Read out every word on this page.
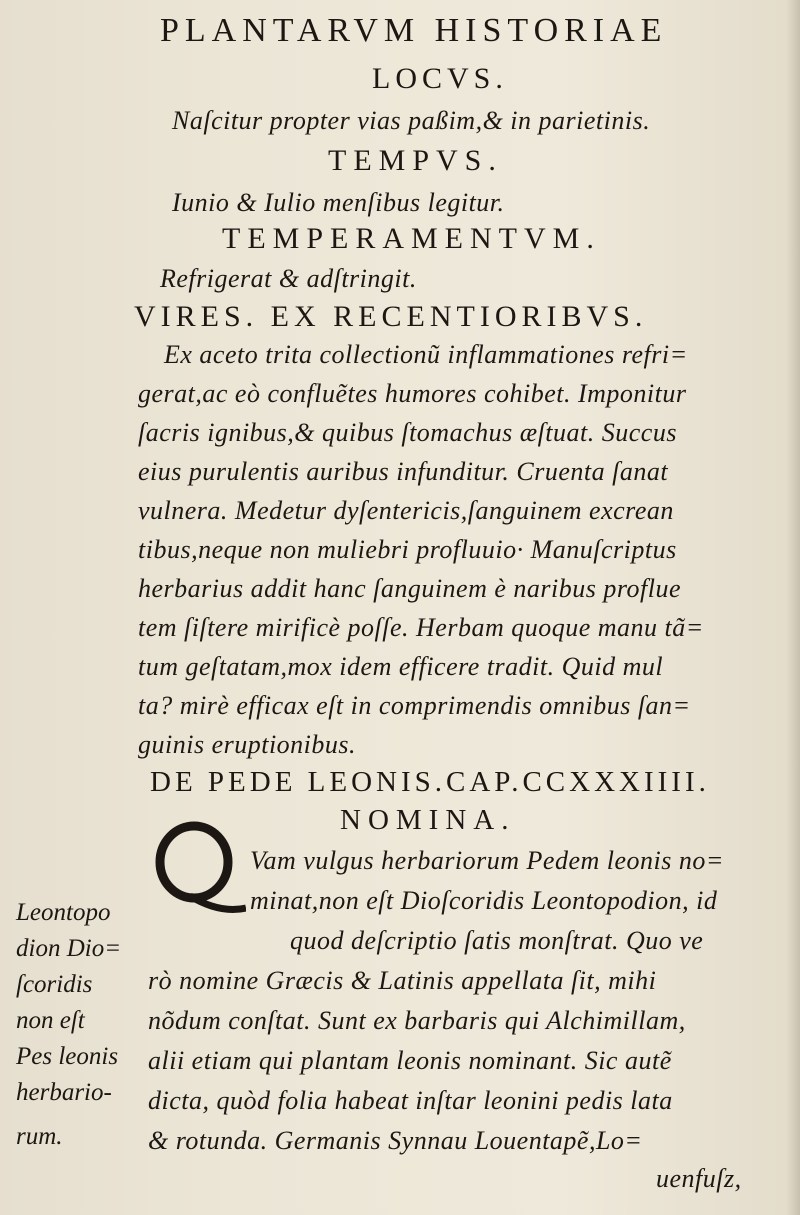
PLANTARVM HISTORIAE
LOCVS.
Naſcitur propter vias paßim,& in parietinis.
TEMPVS.
Iunio & Iulio menſibus legitur.
TEMPERAMENTVM.
Refrigerat & adſtringit.
VIRES. EX RECENTIORIBVS.
Ex aceto trita collectionũ inflammationes refri=
gerat,ac eò confluẽtes humores cohibet. Imponitur
ſacris ignibus,& quibus ſtomachus æſtuat. Succus
eius purulentis auribus infunditur. Cruenta ſanat
vulnera. Medetur dyſentericis,ſanguinem excrean
tibus,neque non muliebri profluuio· Manuſcriptus
herbarius addit hanc ſanguinem è naribus proflue
tem ſiſtere mirificè poſſe. Herbam quoque manu tã=
tum geſtatam,mox idem efficere tradit. Quid mul
ta? mirè efficax eſt in comprimendis omnibus ſan=
guinis eruptionibus.
DE PEDE LEONIS.CAP.CCXXXIIII.
NOMINA.
Vam vulgus herbariorum Pedem leonis no=
minat,non eſt Dioſcoridis Leontopodion, id
quod deſcriptio ſatis monſtrat. Quo ve
rò nomine Græcis & Latinis appellata ſit, mihi
nõdum conſtat. Sunt ex barbaris qui Alchimillam,
alii etiam qui plantam leonis nominant. Sic autẽ
dicta, quòd folia habeat inſtar leonini pedis lata
& rotunda. Germanis Synnau Louentapẽ,Lo=
uenfuſz,
Leontopo
dion Dio=
ſcoridis
non eſt
Pes leonis
herbario-
rum.
